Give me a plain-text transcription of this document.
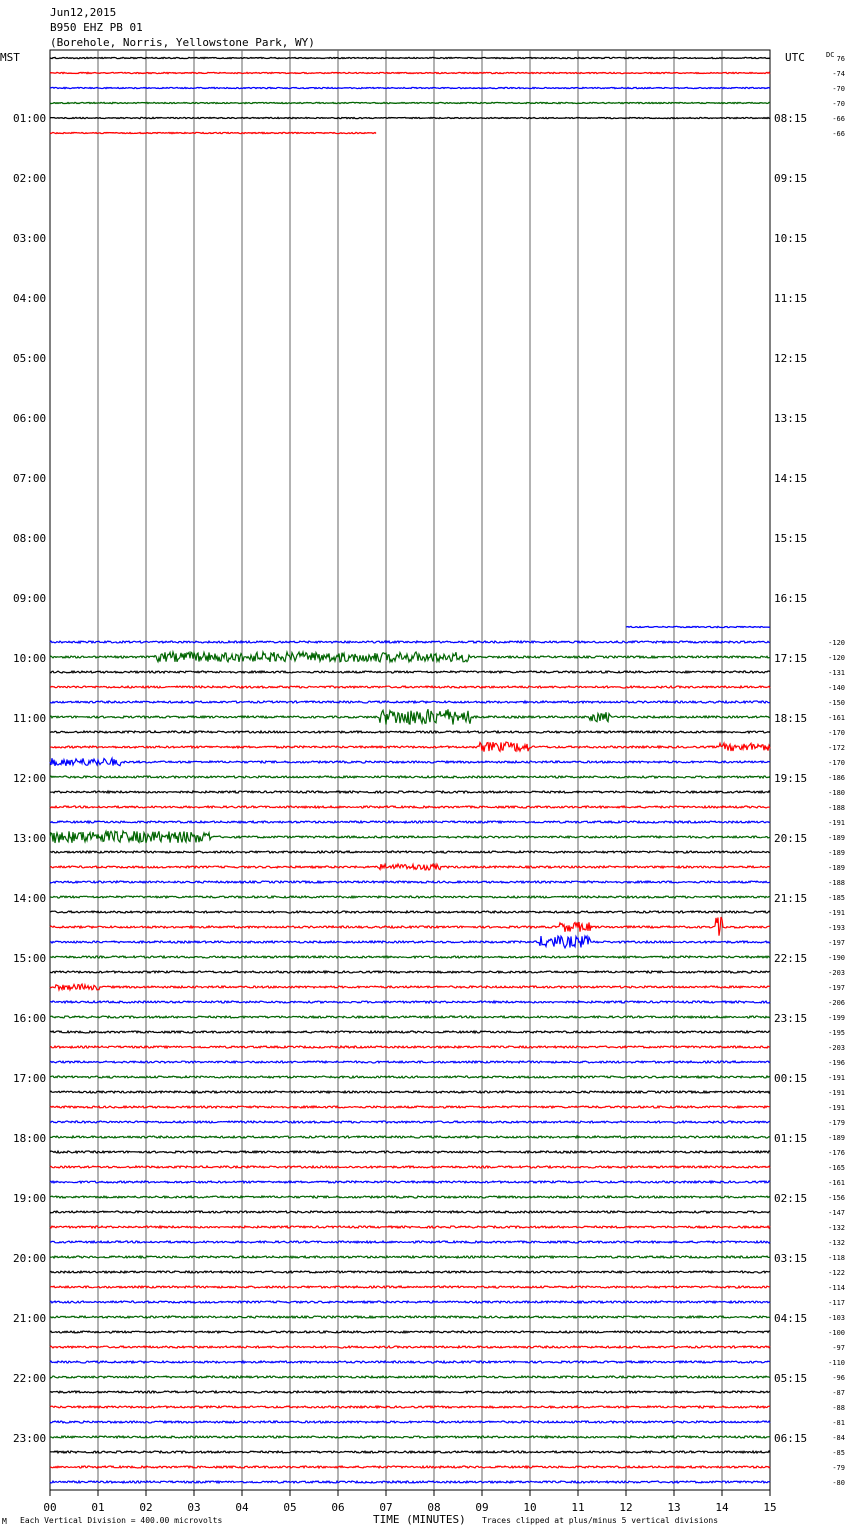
Jun12,2015
B950 EHZ PB 01
(Borehole, Norris, Yellowstone Park, WY)
MST	UTC	DC
01:00
02:00
03:00
04:00
05:00
06:00
07:00
08:00
09:00
10:00
11:00
12:00
13:00
14:00
15:00
16:00
17:00
18:00
19:00
20:00
21:00
22:00
23:00
08:15
09:15
10:15
11:15
12:15
13:15
14:15
15:15
16:15
17:15
18:15
19:15
20:15
21:15
22:15
23:15
00:15
01:15
02:15
03:15
04:15
05:15
06:15
76
-74
-70
-70
-66
-66
-120
-120
-131
-140
-150
-161
-170
-172
-170
-186
-180
-188
-191
-189
-189
-189
-188
-185
-191
-193
-197
-190
-203
-197
-206
-199
-195
-203
-196
-191
-191
-191
-179
-189
-176
-165
-161
-156
-147
-132
-132
-118
-122
-114
-117
-103
-100
-97
-110
-96
-87
-88
-81
-84
-85
-79
-80
00	01	02	03	04	05	06	07	08	09	10	11	12	13	14	15
M Each Vertical Division = 400.00 microvolts	TIME (MINUTES) Traces clipped at plus/minus 5 vertical divisions
